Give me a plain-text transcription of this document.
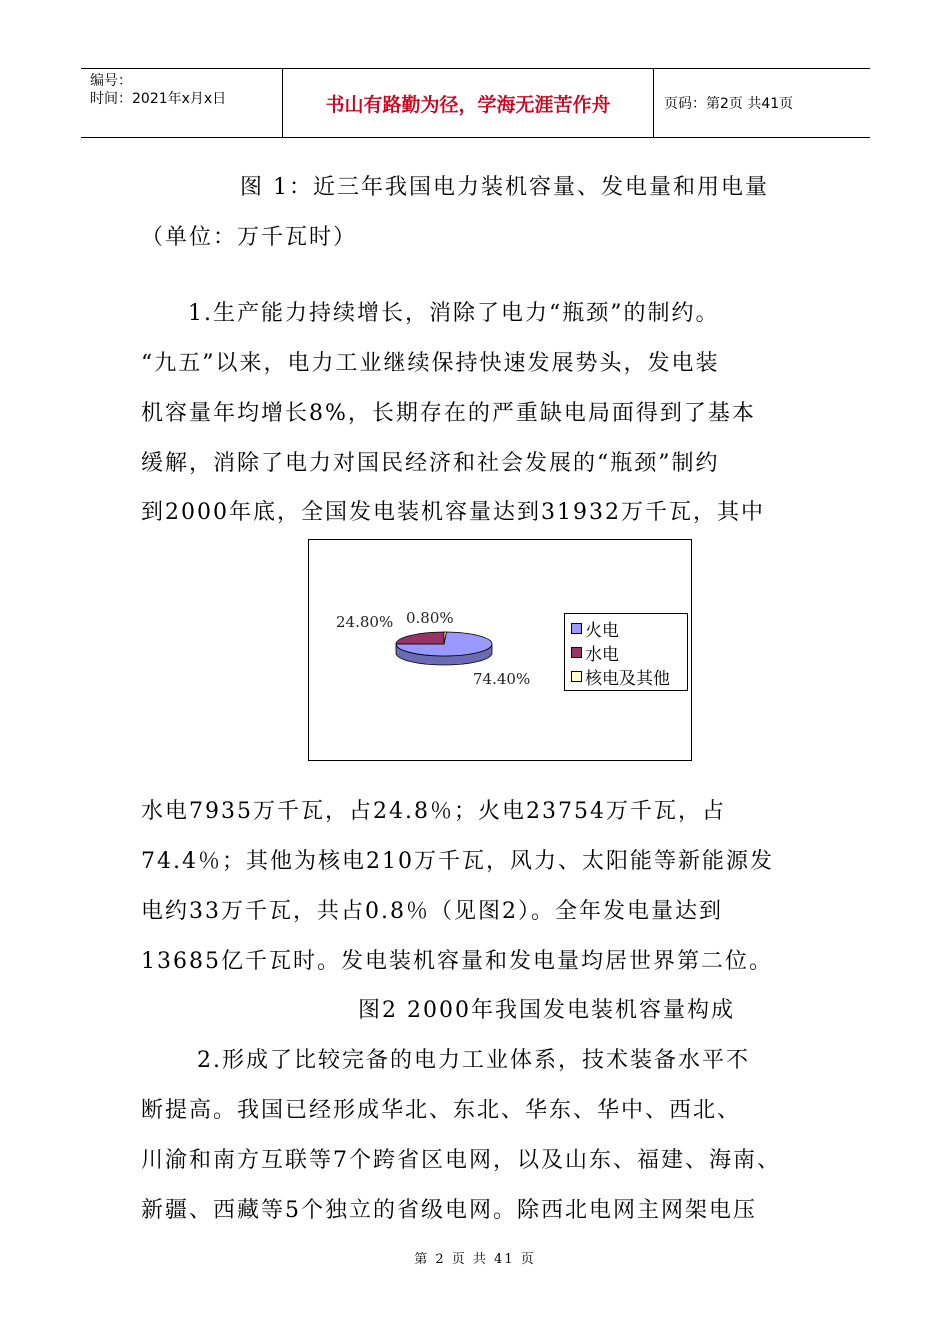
编号：
时间：2021年x月x日	书山有路勤为径，学海无涯苦作舟	页码：第2页 共41页
图 1：近三年我国电力装机容量、发电量和用电量
（单位：万千瓦时）
1.生产能力持续增长，消除了电力“瓶颈”的制约。
“九五”以来，电力工业继续保持快速发展势头，发电装
机容量年均增长8%，长期存在的严重缺电局面得到了基本
缓解，消除了电力对国民经济和社会发展的“瓶颈”制约
到2000年底，全国发电装机容量达到31932万千瓦，其中
24.80% 0.80%
74.40%
火电
水电
核电及其他
水电7935万千瓦，占24.8％；火电23754万千瓦，占
74.4％；其他为核电210万千瓦，风力、太阳能等新能源发
电约33万千瓦，共占0.8％（见图2）。全年发电量达到
13685亿千瓦时。发电装机容量和发电量均居世界第二位。
图2 2000年我国发电装机容量构成
2.形成了比较完备的电力工业体系，技术装备水平不
断提高。我国已经形成华北、东北、华东、华中、西北、
川渝和南方互联等7个跨省区电网，以及山东、福建、海南、
新疆、西藏等5个独立的省级电网。除西北电网主网架电压
第 2 页 共 41 页
